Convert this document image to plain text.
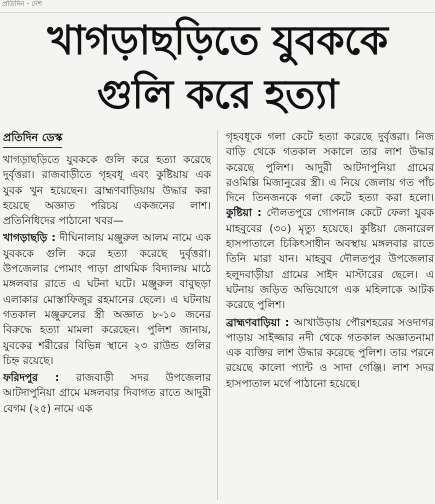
প্রতিদিন - দেশ
খাগড়াছড়িতে যুবককে
গুলি করে হত্যা
প্রতিদিন ডেস্ক

খাগড়াছড়িতে যুবককে গুলি করে হত্যা করেছে দুর্বৃত্তরা। রাজবাড়ীতে গৃহবধূ এবং কুষ্টিয়ায় এক যুবক খুন হয়েছেন। ব্রাহ্মণবাড়িয়ায় উদ্ধার করা হয়েছে অজ্ঞাত পরিচয় একজনের লাশ। প্রতিনিধিদের পাঠানো খবর—

খাগড়াছড়ি : দীঘিনালায় মঞ্জুরুল আলম নামে এক যুবককে গুলি করে হত্যা করেছে দুর্বৃত্তরা। উপজেলার পোমাং পাড়া প্রাথমিক বিদ্যালয় মাঠে মঙ্গলবার রাতে এ ঘটনা ঘটে। মঞ্জুরুল বাবুছড়া এলাকার মোস্তাফিজুর রহমানের ছেলে। এ ঘটনায় গতকাল মঞ্জুরুলের স্ত্রী অজ্ঞাত ৮-১০ জনের বিরুদ্ধে হত্যা মামলা করেছেন। পুলিশ জানায়, যুবকের শরীরের বিভিন্ন স্থানে ২৩ রাউন্ড গুলির চিহ্ন রয়েছে।

ফরিদপুর : রাজবাড়ী সদর উপজেলার আটদাপুনিয়া গ্রামে মঙ্গলবার দিবাগত রাতে আদুরী বেগম (২৫) নামে এক

গৃহবধূকে গলা কেটে হত্যা করেছে দুর্বৃত্তরা। নিজ বাড়ি থেকে গতকাল সকালে তার লাশ উদ্ধার করেছে পুলিশ। আদুরী আটদাপুনিয়া গ্রামের রওমিল্লি মিজানুরের স্ত্রী। এ নিয়ে জেলায় গত পাঁচ দিনে তিনজনকে গলা কেটে হত্যা করা হলো। কুষ্টিয়া : দৌলতপুরে গোপনাঙ্গ কেটে ফেলা যুবক মাহবুবের (৩০) মৃত্যু হয়েছে। কুষ্টিয়া জেনারেল হাসপাতালে চিকিৎসাধীন অবস্থায় মঙ্গলবার রাতে তিনি মারা যান। মাহবুব দৌলতপুর উপজেলার হলুদবাড়ীয়া গ্রামের সাইদ মাস্টারের ছেলে। এ ঘটনায় জড়িত অভিযোগে এক মহিলাকে আটক করেছে পুলিশ।

ব্রাহ্মণবাড়িয়া : আখাউড়ায় পৌরশহরের সওদাগর পাড়ায় সাইজ্জার নদী থেকে গতকাল অজ্ঞাতনামা এক ব্যক্তির লাশ উদ্ধার করেছে পুলিশ। তার পরনে রয়েছে কালো প্যান্ট ও সাদা গেঞ্জি। লাশ সদর হাসপাতাল মর্গে পাঠানো হয়েছে।
